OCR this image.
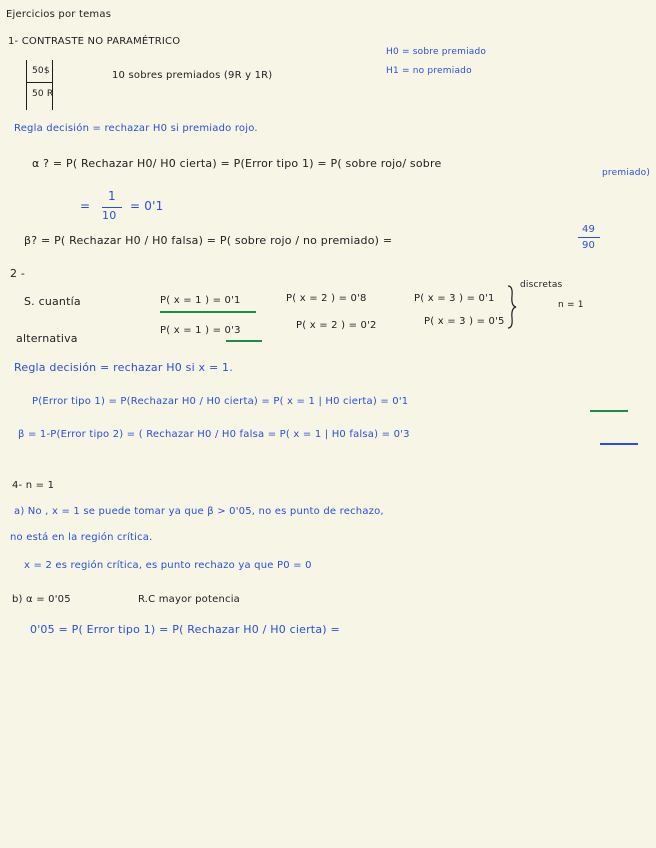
Ejercicios por temas
1- CONTRASTE NO PARAMÉTRICO
50$
50 R
10 sobres premiados (9R y 1R)
H0 = sobre premiado
H1 = no premiado
Regla decisión = rechazar H0 si premiado rojo.
α ? = P( Rechazar H0/ H0 cierta) = P(Error tipo 1) = P( sobre rojo/ sobre
premiado)
=
1
10
= 0'1
β? = P( Rechazar H0 / H0 falsa) = P( sobre rojo / no premiado) =
49
90
2 -
S. cuantía	P( x = 1 ) = 0'1	P( x = 2 ) = 0'8	P( x = 3 ) = 0'1
discretas
n = 1
alternativa
P( x = 1 ) = 0'3	P( x = 2 ) = 0'2	P( x = 3 ) = 0'5
Regla decisión = rechazar H0 si x = 1.
P(Error tipo 1) = P(Rechazar H0 / H0 cierta) = P( x = 1 | H0 cierta) = 0'1
β = 1-P(Error tipo 2) = ( Rechazar H0 / H0 falsa = P( x = 1 | H0 falsa) = 0'3
4- n = 1
a) No , x = 1 se puede tomar ya que β > 0'05, no es punto de rechazo,
no está en la región crítica.
x = 2 es región crítica, es punto rechazo ya que P0 = 0
b) α = 0'05	R.C mayor potencia
0'05 = P( Error tipo 1) = P( Rechazar H0 / H0 cierta) =
